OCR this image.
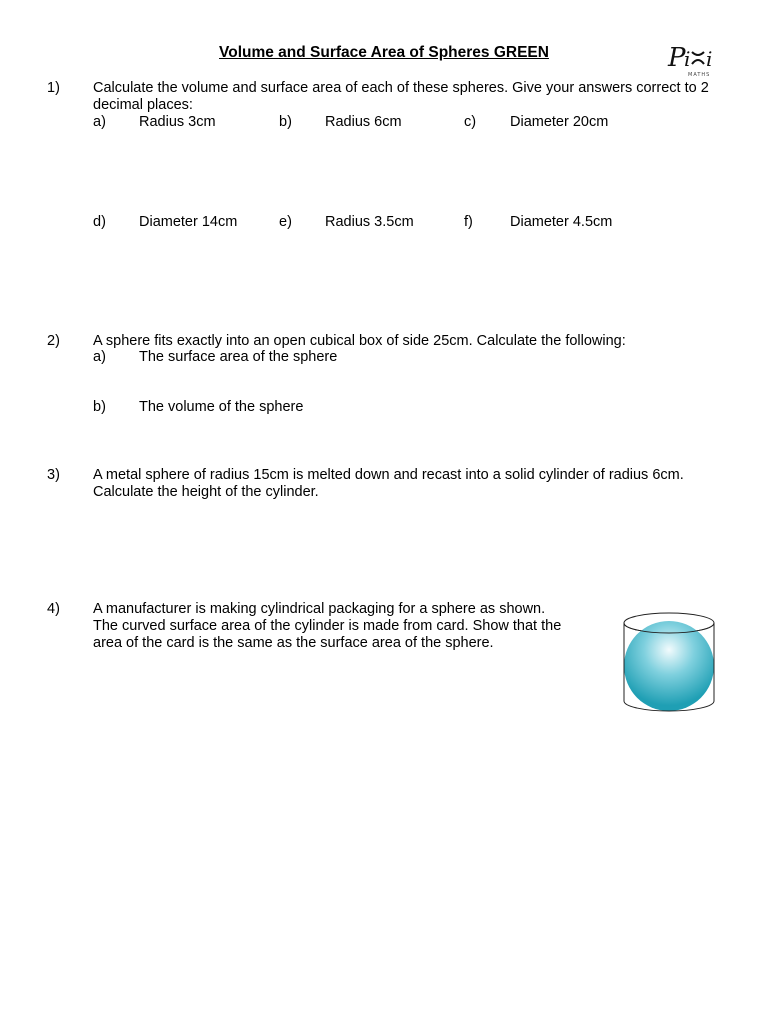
Volume and Surface Area of Spheres GREEN	P
i i
MATHS
1) Calculate the volume and surface area of each of these spheres. Give your answers correct to 2 decimal places:
a) Radius 3cm	b) Radius 6cm	c) Diameter 20cm
d) Diameter 14cm	e) Radius 3.5cm	f)	Diameter 4.5cm
2) A sphere fits exactly into an open cubical box of side 25cm. Calculate the following:
a) The surface area of the sphere
b) The volume of the sphere
3) A metal sphere of radius 15cm is melted down and recast into a solid cylinder of radius 6cm. Calculate the height of the cylinder.
4) A manufacturer is making cylindrical packaging for a sphere as shown.
The curved surface area of the cylinder is made from card. Show that the
area of the card is the same as the surface area of the sphere.
